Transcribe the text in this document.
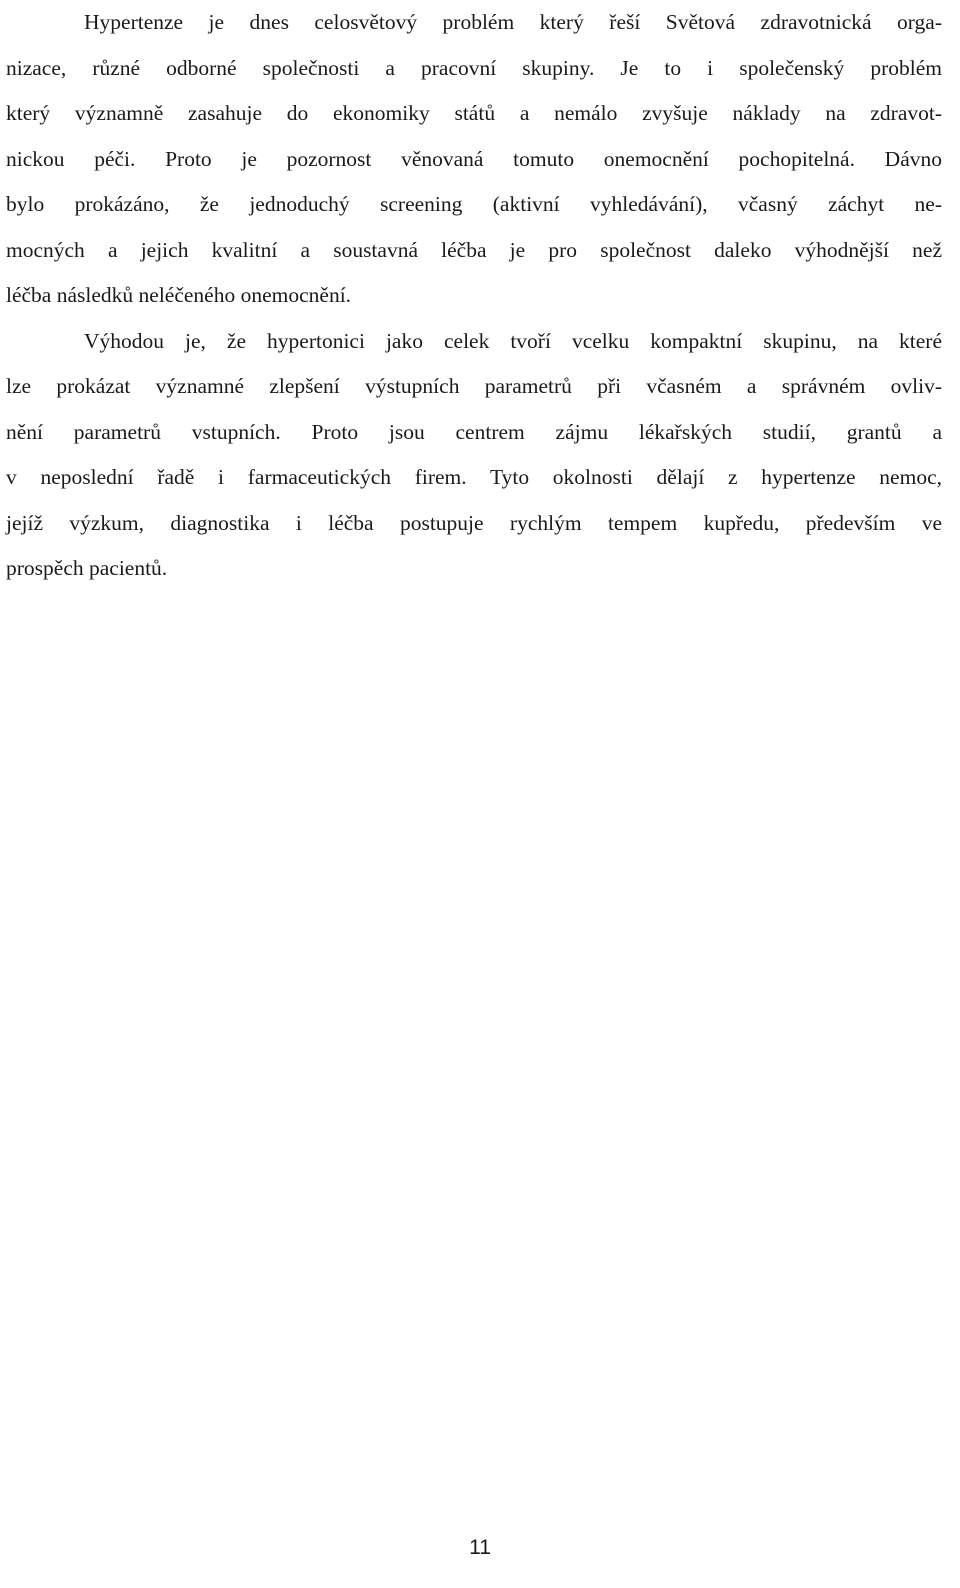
Hypertenze je dnes celosvětový problém který řeší Světová zdravotnická orga-
nizace, různé odborné společnosti a pracovní skupiny. Je to i společenský problém
který významně zasahuje do ekonomiky států a nemálo zvyšuje náklady na zdravot-
nickou péči. Proto je pozornost věnovaná tomuto onemocnění pochopitelná. Dávno
bylo prokázáno, že jednoduchý screening (aktivní vyhledávání), včasný záchyt ne-
mocných a jejich kvalitní a soustavná léčba je pro společnost daleko výhodnější než
léčba následků neléčeného onemocnění.

Výhodou je, že hypertonici jako celek tvoří vcelku kompaktní skupinu, na které
lze prokázat významné zlepšení výstupních parametrů při včasném a správném ovliv-
nění parametrů vstupních. Proto jsou centrem zájmu lékařských studií, grantů a
v neposlední řadě i farmaceutických firem. Tyto okolnosti dělají z hypertenze nemoc,
jejíž výzkum, diagnostika i léčba postupuje rychlým tempem kupředu, především ve
prospěch pacientů.

11
